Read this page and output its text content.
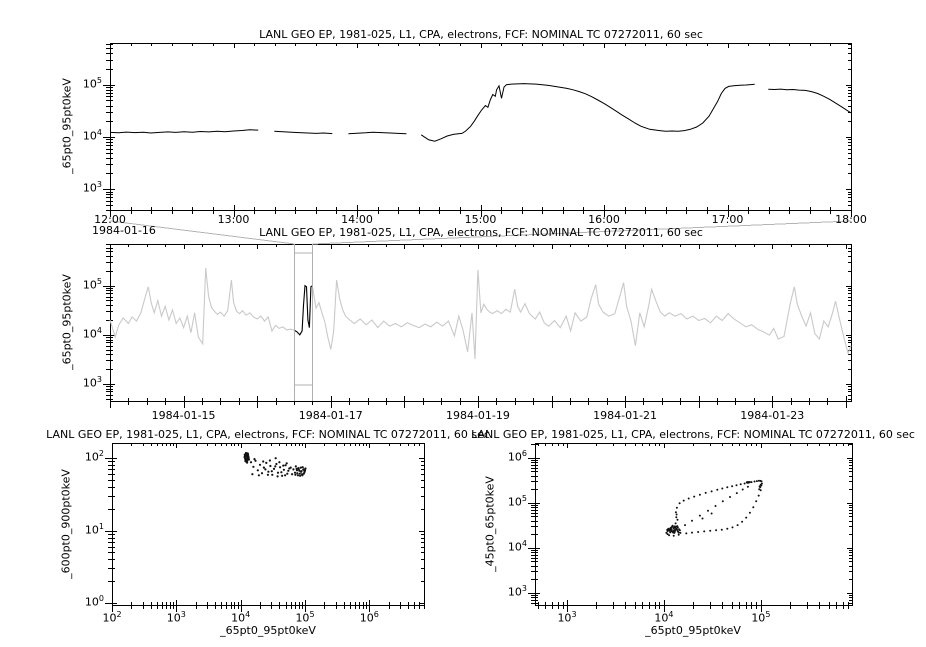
$10^3$
$10^4$
$10^5$
12:00	13:00	14:00	15:00	16:00	17:00	18:00
$10^3$
$10^4$
$10^5$
1984-01-15	1984-01-17	1984-01-19	1984-01-21	1984-01-23
$10^0$
$10^1$
$10^2$
$10^2$	$10^3$	$10^4$	$10^5$	$10^6$
$10^3$
$10^4$
$10^5$
$10^6$
$10^3$	$10^4$	$10^5$
LANL GEO EP, 1981-025, L1, CPA, electrons, FCF: NOMINAL TC 07272011, 60 sec
LANL GEO EP, 1981-025, L1, CPA, electrons, FCF: NOMINAL TC 07272011, 60 sec
LANL GEO EP, 1981-025, L1, CPA, electrons, FCF: NOMINAL TC 07272011, 60 sec
LANL GEO EP, 1981-025, L1, CPA, electrons, FCF: NOMINAL TC 07272011, 60 sec
_65pt0_95pt0keV
_65pt0_95pt0keV
_600pt0_900pt0keV	_45pt0_65pt0keV
_65pt0_95pt0keV	_65pt0_95pt0keV
1984-01-16
